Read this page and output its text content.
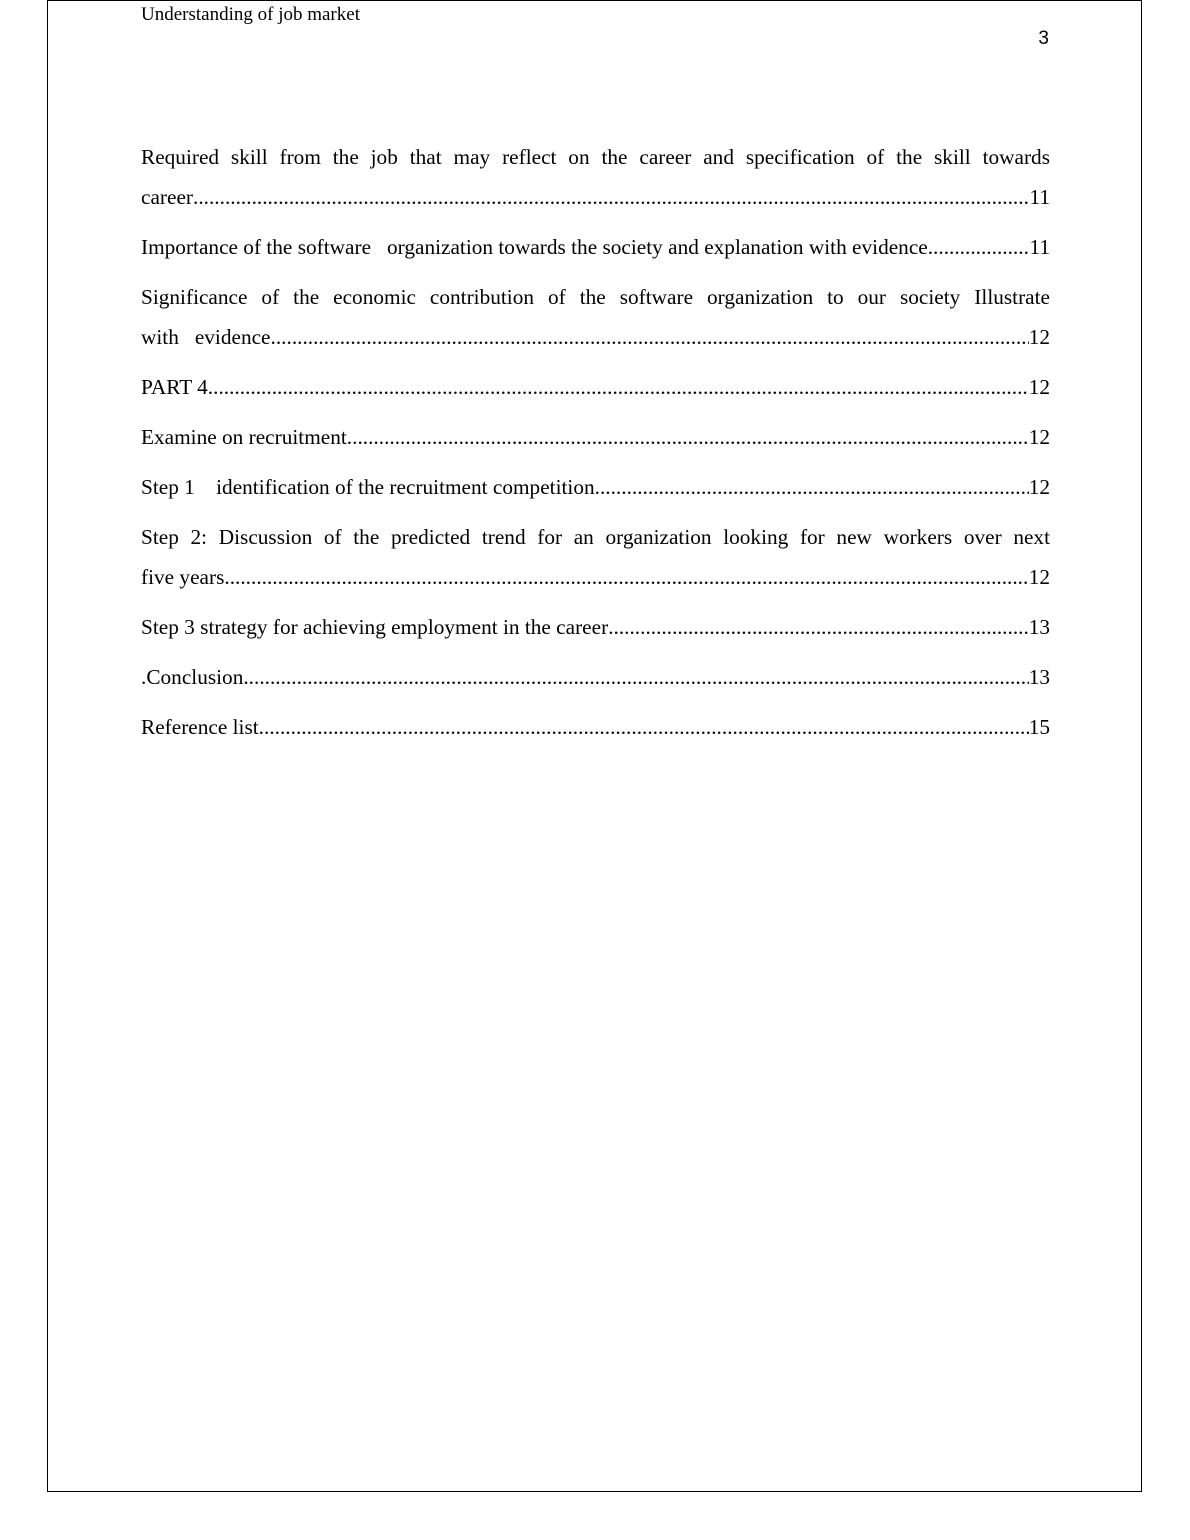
Understanding of job market
3
Required skill from the job that may reflect on the career and specification of the skill towards
career .....	11
Importance of the software   organization towards the society and explanation with evidence .....	11
Significance of the economic contribution of the software organization to our society Illustrate
with   evidence .....	12
PART 4 .....	12
Examine on recruitment .....	12
Step 1    identification of the recruitment competition .....	12
Step 2: Discussion of the predicted trend for an organization looking for new workers over next
five years .....	12
Step 3 strategy for achieving employment in the career .....	13
.Conclusion .....	13
Reference list .....	15
